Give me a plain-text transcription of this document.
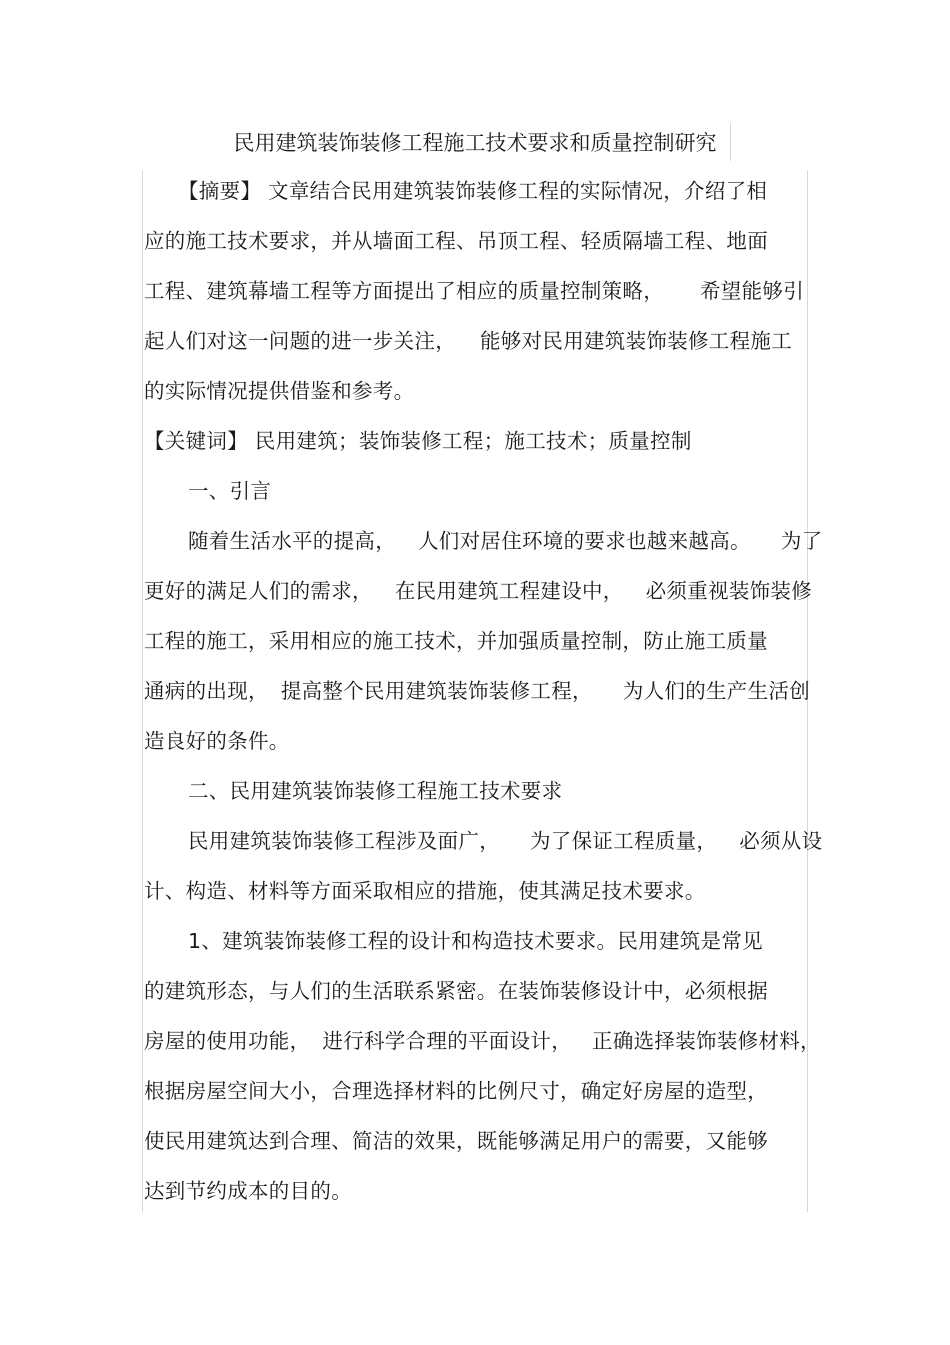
民用建筑装饰装修工程施工技术要求和质量控制研究
【摘要】 文章结合民用建筑装饰装修工程的实际情况，介绍了相
应的施工技术要求，并从墙面工程、吊顶工程、轻质隔墙工程、地面
工程、建筑幕墙工程等方面提出了相应的质量控制策略， 希望能够引
起人们对这一问题的进一步关注， 能够对民用建筑装饰装修工程施工
的实际情况提供借鉴和参考。
【关键词】 民用建筑；装饰装修工程；施工技术；质量控制
一、引言
随着生活水平的提高， 人们对居住环境的要求也越来越高。 为了
更好的满足人们的需求， 在民用建筑工程建设中， 必须重视装饰装修
工程的施工，采用相应的施工技术，并加强质量控制，防止施工质量
通病的出现， 提高整个民用建筑装饰装修工程， 为人们的生产生活创
造良好的条件。
二、民用建筑装饰装修工程施工技术要求
民用建筑装饰装修工程涉及面广， 为了保证工程质量， 必须从设
计、构造、材料等方面采取相应的措施，使其满足技术要求。
1、建筑装饰装修工程的设计和构造技术要求。民用建筑是常见
的建筑形态，与人们的生活联系紧密。在装饰装修设计中，必须根据
房屋的使用功能， 进行科学合理的平面设计， 正确选择装饰装修材料，
根据房屋空间大小，合理选择材料的比例尺寸，确定好房屋的造型，
使民用建筑达到合理、简洁的效果，既能够满足用户的需要，又能够
达到节约成本的目的。
